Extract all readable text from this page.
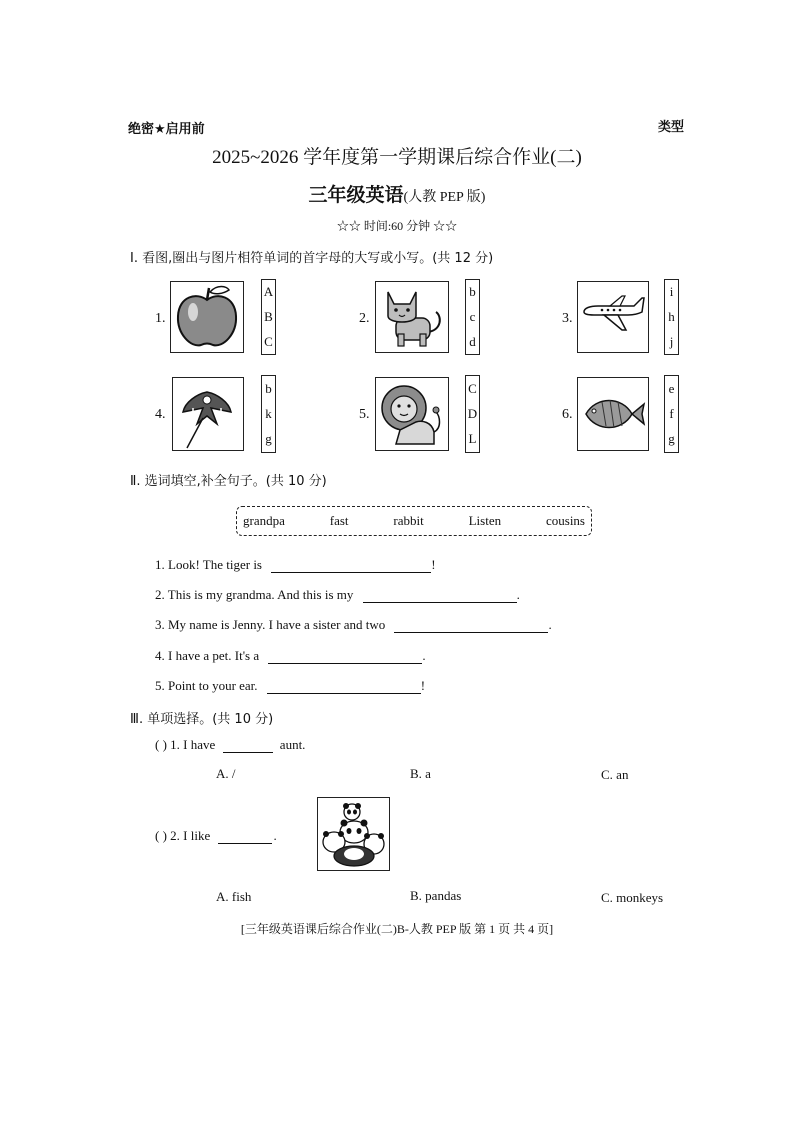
绝密★启用前	类型
2025~2026 学年度第一学期课后综合作业(二)
三年级英语(人教 PEP 版)
☆☆ 时间:60 分钟 ☆☆
Ⅰ. 看图,圈出与图片相符单词的首字母的大写或小写。(共 12 分)
1.
A
B
C
2.
b
c
d
3.
i
h
j
4.
b
k
g
5.
C
D
L
6.
e
f
g
Ⅱ. 选词填空,补全句子。(共 10 分)
grandpa	fast	rabbit	Listen	cousins
1. Look! The tiger is	!
2. This is my grandma. And this is my	.
3. My name is Jenny. I have a sister and two	.
4. I have a pet. It's a	.
5. Point to your ear.	!
Ⅲ. 单项选择。(共 10 分)
( ) 1. I have	aunt.
A. /	B. a	C. an
( ) 2. I like	.
A. fish	B. pandas	C. monkeys
[三年级英语课后综合作业(二)B-人教 PEP 版 第 1 页 共 4 页]
